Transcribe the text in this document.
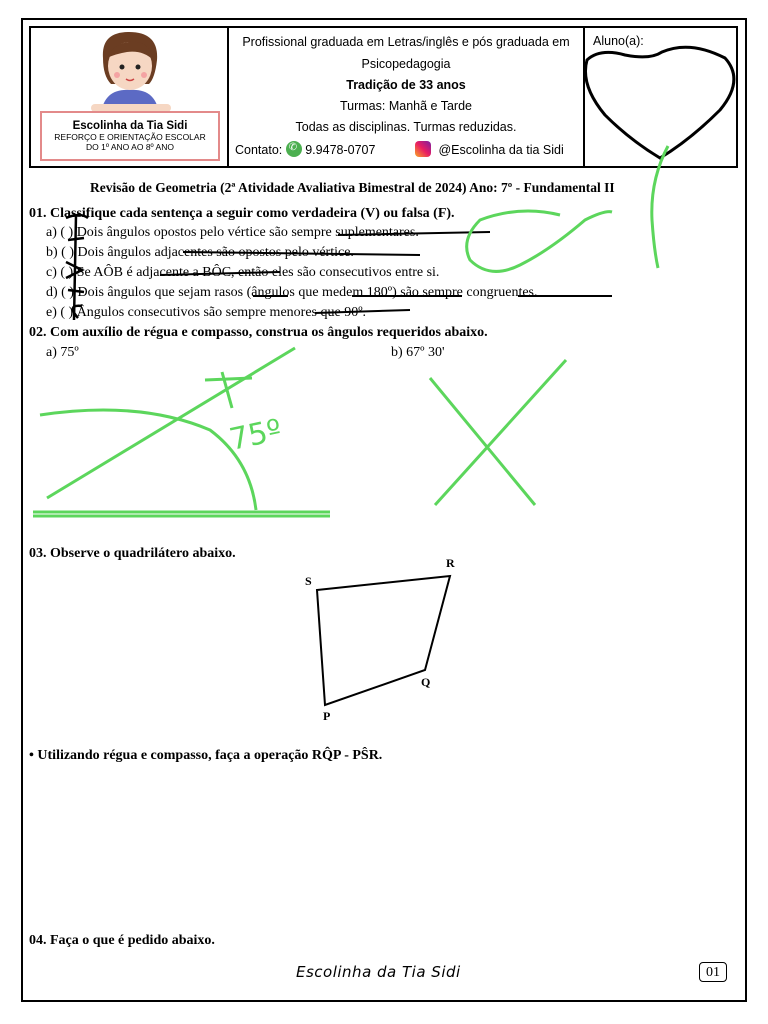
Escolinha da Tia Sidi
REFORÇO E ORIENTAÇÃO ESCOLAR
DO 1º ANO AO 8º ANO
Profissional graduada em Letras/inglês e pós graduada em
Psicopedagogia
Tradição de 33 anos
Turmas: Manhã e Tarde
Todas as disciplinas. Turmas reduzidas.
Contato: ✆ 9.9478-0707	@Escolinha da tia Sidi
Aluno(a):
Revisão de Geometria (2ª Atividade Avaliativa Bimestral de 2024) Ano: 7º - Fundamental II
01. Classifique cada sentença a seguir como verdadeira (V) ou falsa (F).
a) ( ) Dois ângulos opostos pelo vértice são sempre suplementares.
b) ( ) Dois ângulos adjacentes são opostos pelo vértice.
c) ( ) Se AÔB é adjacente a BÔC, então eles são consecutivos entre si.
d) ( ) Dois ângulos que sejam rasos (ângulos que medem 180º) são sempre congruentes.
e) ( ) Ângulos consecutivos são sempre menores que 90º.
02. Com auxílio de régua e compasso, construa os ângulos requeridos abaixo.
a) 75º	b) 67º 30'
03. Observe o quadrilátero abaixo.
S
R
Q
P
• Utilizando régua e compasso, faça a operação RQ̂P - PŜR.
04. Faça o que é pedido abaixo.
Escolinha da Tia Sidi	01
75º
